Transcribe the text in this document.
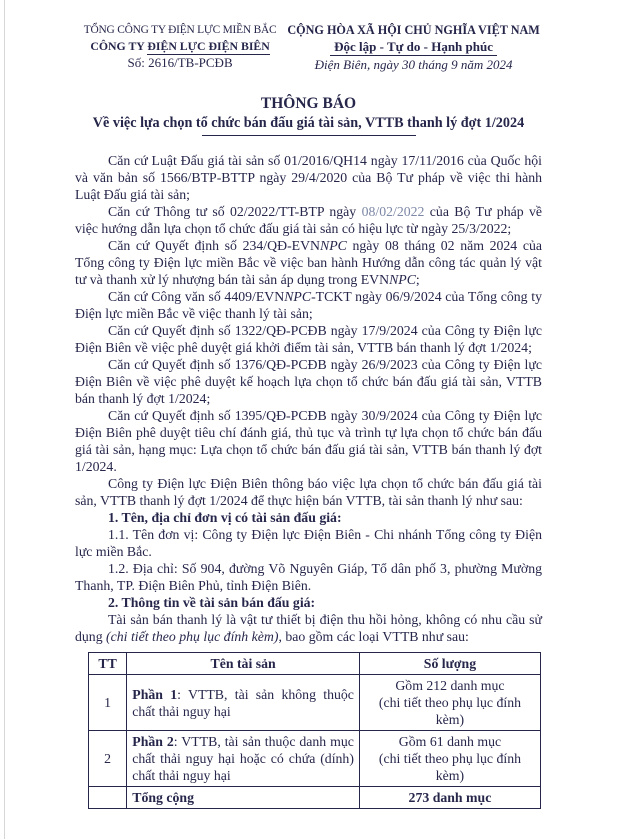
TỔNG CÔNG TY ĐIỆN LỰC MIỀN BẮC
CÔNG TY ĐIỆN LỰC ĐIỆN BIÊN
Số: 2616/TB-PCĐB
CỘNG HÒA XÃ HỘI CHỦ NGHĨA VIỆT NAM
Độc lập - Tự do - Hạnh phúc
Điện Biên, ngày 30 tháng 9 năm 2024
THÔNG BÁO
Về việc lựa chọn tổ chức bán đấu giá tài sản, VTTB thanh lý đợt 1/2024

Căn cứ Luật Đấu giá tài sản số 01/2016/QH14 ngày 17/11/2016 của Quốc hội và văn bản số 1566/BTP-BTTP ngày 29/4/2020 của Bộ Tư pháp về việc thi hành Luật Đấu giá tài sản;

Căn cứ Thông tư số 02/2022/TT-BTP ngày 08/02/2022 của Bộ Tư pháp về việc hướng dẫn lựa chọn tổ chức đấu giá tài sản có hiệu lực từ ngày 25/3/2022;

Căn cứ Quyết định số 234/QĐ-EVNNPC ngày 08 tháng 02 năm 2024 của Tổng công ty Điện lực miền Bắc về việc ban hành Hướng dẫn công tác quản lý vật tư và thanh xử lý nhượng bán tài sản áp dụng trong EVNNPC;

Căn cứ Công văn số 4409/EVNNPC-TCKT ngày 06/9/2024 của Tổng công ty Điện lực miền Bắc về việc thanh lý tài sản;

Căn cứ Quyết định số 1322/QĐ-PCĐB ngày 17/9/2024 của Công ty Điện lực Điện Biên về việc phê duyệt giá khởi điểm tài sản, VTTB bán thanh lý đợt 1/2024;

Căn cứ Quyết định số 1376/QĐ-PCĐB ngày 26/9/2023 của Công ty Điện lực Điện Biên về việc phê duyệt kế hoạch lựa chọn tổ chức bán đấu giá tài sản, VTTB bán thanh lý đợt 1/2024;

Căn cứ Quyết định số 1395/QĐ-PCĐB ngày 30/9/2024 của Công ty Điện lực Điện Biên phê duyệt tiêu chí đánh giá, thủ tục và trình tự lựa chọn tổ chức bán đấu giá tài sản, hạng mục: Lựa chọn tổ chức bán đấu giá tài sản, VTTB bán thanh lý đợt 1/2024.

Công ty Điện lực Điện Biên thông báo việc lựa chọn tổ chức bán đấu giá tài sản, VTTB thanh lý đợt 1/2024 để thực hiện bán VTTB, tài sản thanh lý như sau:

1. Tên, địa chỉ đơn vị có tài sản đấu giá:

1.1. Tên đơn vị: Công ty Điện lực Điện Biên - Chi nhánh Tổng công ty Điện lực miền Bắc.

1.2. Địa chỉ: Số 904, đường Võ Nguyên Giáp, Tổ dân phố 3, phường Mường Thanh, TP. Điện Biên Phủ, tỉnh Điện Biên.

2. Thông tin về tài sản bán đấu giá:

Tài sản bán thanh lý là vật tư thiết bị điện thu hồi hỏng, không có nhu cầu sử dụng (chi tiết theo phụ lục đính kèm), bao gồm các loại VTTB như sau:

TT	Tên tài sản	Số lượng
1	Phần 1: VTTB, tài sản không thuộc chất thải nguy hại	Gồm 212 danh mục
(chi tiết theo phụ lục đính kèm)

2	Phần 2: VTTB, tài sản thuộc danh mục chất thải nguy hại hoặc có chứa (dính) chất thải nguy hại	Gồm 61 danh mục
(chi tiết theo phụ lục đính kèm)

	Tổng cộng	273 danh mục
